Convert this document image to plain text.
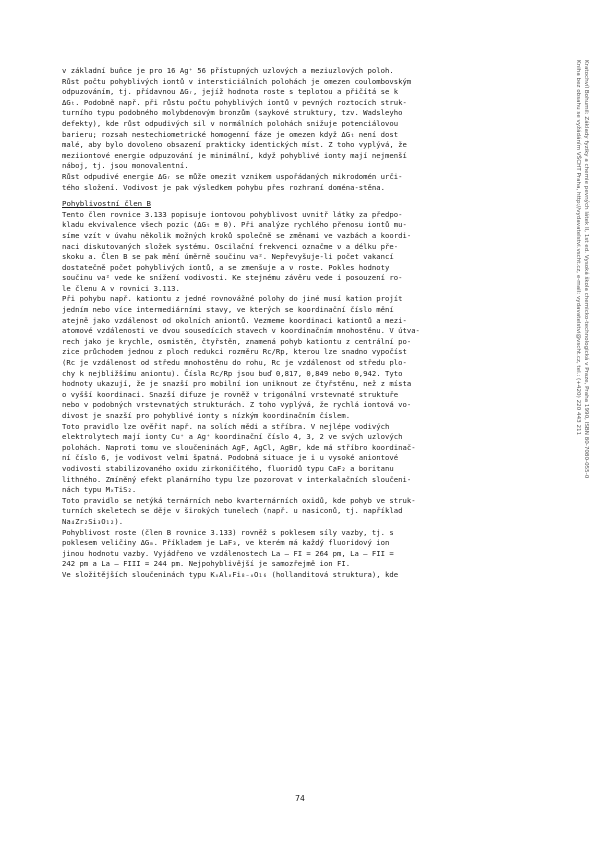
v základní buňce je pro 16 Ag⁺ 56 přístupných uzlových a meziuzlových poloh.
Růst počtu pohyblivých iontů v intersticiálních polohách je omezen coulombovským
odpuzováním, tj. přídavnou ΔGᵣ, jejíž hodnota roste s teplotou a přičítá se k
ΔGₜ. Podobně např. při růstu počtu pohyblivých iontů v pevných roztocích struk-
turního typu podobného molybdenovým bronzům (saykové struktury, tzv. Wadsleyho
defekty), kde růst odpudivých sil v normálních polohách snižuje potenciálovou
barieru; rozsah nestechiometrické homogenní fáze je omezen když ΔGₜ není dost
malé, aby bylo dovoleno obsazení prakticky identických míst. Z toho vyplývá, že
meziiontové energie odpuzování je minimální, když pohyblivé ionty mají nejmenší
náboj, tj. jsou monovalentní.

Růst odpudivé energie ΔGᵣ se může omezit vznikem uspořádaných mikrodomén urči-
tého složení. Vodivost je pak výsledkem pohybu přes rozhraní doména-stěna.

Pohyblivostní člen B

Tento člen rovnice 3.133 popisuje iontovou pohyblivost uvnitř látky za předpo-
kladu ekvivalence všech pozic (ΔGₜ ≅ 0). Při analýze rychlého přenosu iontů mu-
síme vzít v úvahu několik možných kroků společně se změnami ve vazbách a koordi-
naci diskutovaných složek systému. Oscilační frekvenci označme ν a délku pře-
skoku a. Člen B se pak mění úměrně součinu νa². Nepřevyšuje-li počet vakancí
dostatečně počet pohyblivých iontů, a se zmenšuje a ν roste. Pokles hodnoty
součinu νa² vede ke snížení vodivosti. Ke stejnému závěru vede i posouzení ro-
le členu A v rovnici 3.113.

Při pohybu např. kationtu z jedné rovnovážné polohy do jiné musí kation projít
jedním nebo více intermediárními stavy, ve kterých se koordinační číslo mění
atejně jako vzdálenost od okolních aniontů. Vezmeme koordinaci kationtů a mezi-
atomové vzdálenosti ve dvou sousedících stavech v koordinačním mnohostěnu. V útva-
rech jako je krychle, osmistěn, čtyřstěn, znamená pohyb kationtu z centrální po-
zice průchodem jednou z ploch redukci rozměru Rc/Rp, kterou lze snadno vypočíst
(Rc je vzdálenost od středu mnohostěnu do rohu, Rc je vzdálenost od středu plo-
chy k nejbližšímu aniontu). Čísla Rc/Rp jsou buď 0,817, 0,849 nebo 0,942. Tyto
hodnoty ukazují, že je snazší pro mobilní ion uniknout ze čtyřstěnu, než z místa
o vyšší koordinaci. Snazší difuze je rovněž v trigonální vrstevnaté struktuře
nebo v podobných vrstevnatých strukturách. Z toho vyplývá, že rychlá iontová vo-
divost je snazší pro pohyblivé ionty s nízkým koordinačním číslem.

Toto pravidlo lze ověřit např. na solích mědi a stříbra. V nejlépe vodivých
elektrolytech mají ionty Cu⁺ a Ag⁺ koordinační číslo 4, 3, 2 ve svých uzlových
polohách. Naproti tomu ve sloučeninách AgF, AgCl, AgBr, kde má stříbro koordinač-
ní číslo 6, je vodivost velmi špatná. Podobná situace je i u vysoké aniontové
vodivosti stabilizovaného oxidu zirkoničitého, fluoridů typu CaF₂ a boritanu
lithného. Zmíněný efekt planárního typu lze pozorovat v interkalačních sloučeni-
nách typu MₓTiS₂.

Toto pravidlo se netýká ternárních nebo kvarternárních oxidů, kde pohyb ve struk-
turních skeletech se děje v širokých tunelech (např. u nasiconů, tj. například
Na₄Zr₂Si₃O₁₂).

Pohyblivost roste (člen B rovnice 3.133) rovněž s poklesem síly vazby, tj. s
poklesem veličiny ΔGₘ. Příkladem je LaF₃, ve kterém má každý fluoridový ion
jinou hodnotu vazby. Vyjádřeno ve vzdálenostech La – FI = 264 pm, La – FII =
242 pm a La – FIII = 244 pm. Nejpohyblivější je samozřejmě ion FI.

Ve složitějších sloučeninách typu KₓAlₓFi₈₋ₓO₁₆ (hollanditová struktura), kde

74
Kratochvíl Bohumil: Základy fyziky a chemie pevných látek II, 1st ed. Vysoká škola chemicko-technologická v Praze, Praha 1990, ISBN 80-7080-055-0
Kniha bez obsahu se vyžádáním VŠCHT Praha, http://vydavatelstvi.vscht.cz, e-mail: vydavatelstvi@vscht.cz, tel.: (+420) 220 443 211
